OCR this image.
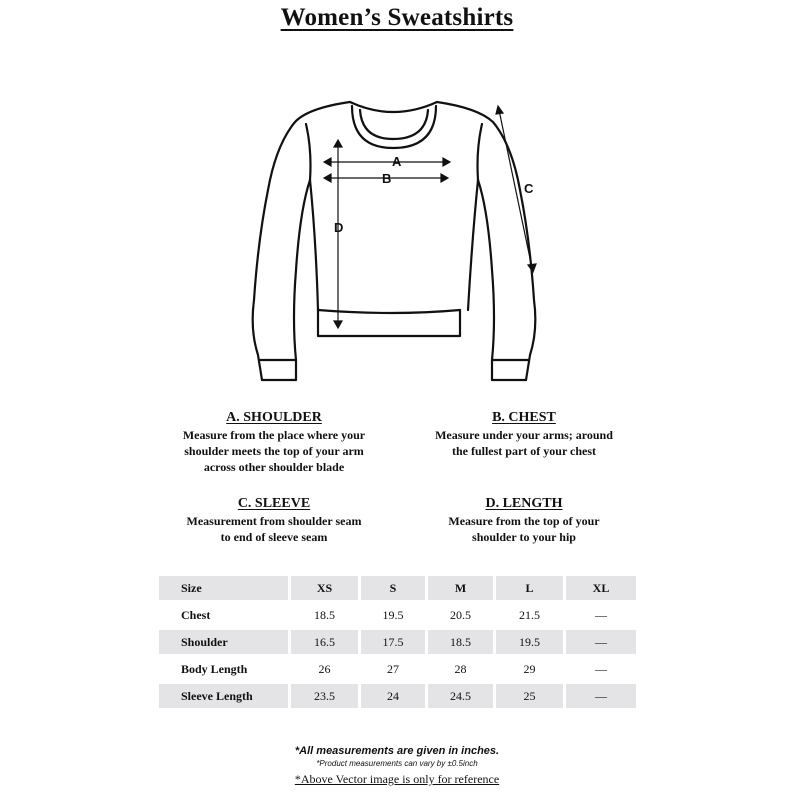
Women’s Sweatshirts
A
B
C
D
A. SHOULDER
Measure from the place where your
shoulder meets the top of your arm
across other shoulder blade
B. CHEST
Measure under your arms; around
the fullest part of your chest
C. SLEEVE
Measurement from shoulder seam
to end of sleeve seam
D. LENGTH
Measure from the top of your
shoulder to your hip
Size	XS	S	M	L	XL
Chest	18.5	19.5	20.5	21.5	—
Shoulder	16.5	17.5	18.5	19.5	—
Body Length	26	27	28	29	—
Sleeve Length	23.5	24	24.5	25	—
*All measurements are given in inches.
*Product measurements can vary by ±0.5inch
*Above Vector image is only for reference
